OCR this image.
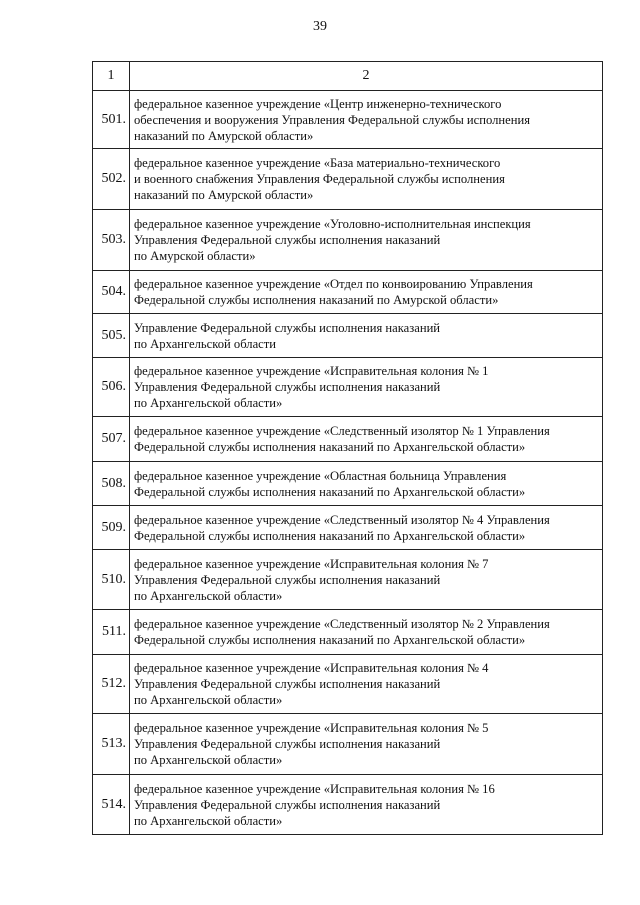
39
1	2
501.	федеральное казенное учреждение «Центр инженерно-технического
обеспечения и вооружения Управления Федеральной службы исполнения
наказаний по Амурской области»
502.	федеральное казенное учреждение «База материально-технического
и военного снабжения Управления Федеральной службы исполнения
наказаний по Амурской области»
503.	федеральное казенное учреждение «Уголовно-исполнительная инспекция
Управления Федеральной службы исполнения наказаний
по Амурской области»
504.	федеральное казенное учреждение «Отдел по конвоированию Управления
Федеральной службы исполнения наказаний по Амурской области»
505.	Управление Федеральной службы исполнения наказаний
по Архангельской области
506.	федеральное казенное учреждение «Исправительная колония № 1
Управления Федеральной службы исполнения наказаний
по Архангельской области»
507.	федеральное казенное учреждение «Следственный изолятор № 1 Управления
Федеральной службы исполнения наказаний по Архангельской области»
508.	федеральное казенное учреждение «Областная больница Управления
Федеральной службы исполнения наказаний по Архангельской области»
509.	федеральное казенное учреждение «Следственный изолятор № 4 Управления
Федеральной службы исполнения наказаний по Архангельской области»
510.	федеральное казенное учреждение «Исправительная колония № 7
Управления Федеральной службы исполнения наказаний
по Архангельской области»
511.	федеральное казенное учреждение «Следственный изолятор № 2 Управления
Федеральной службы исполнения наказаний по Архангельской области»
512.	федеральное казенное учреждение «Исправительная колония № 4
Управления Федеральной службы исполнения наказаний
по Архангельской области»
513.	федеральное казенное учреждение «Исправительная колония № 5
Управления Федеральной службы исполнения наказаний
по Архангельской области»
514.	федеральное казенное учреждение «Исправительная колония № 16
Управления Федеральной службы исполнения наказаний
по Архангельской области»
